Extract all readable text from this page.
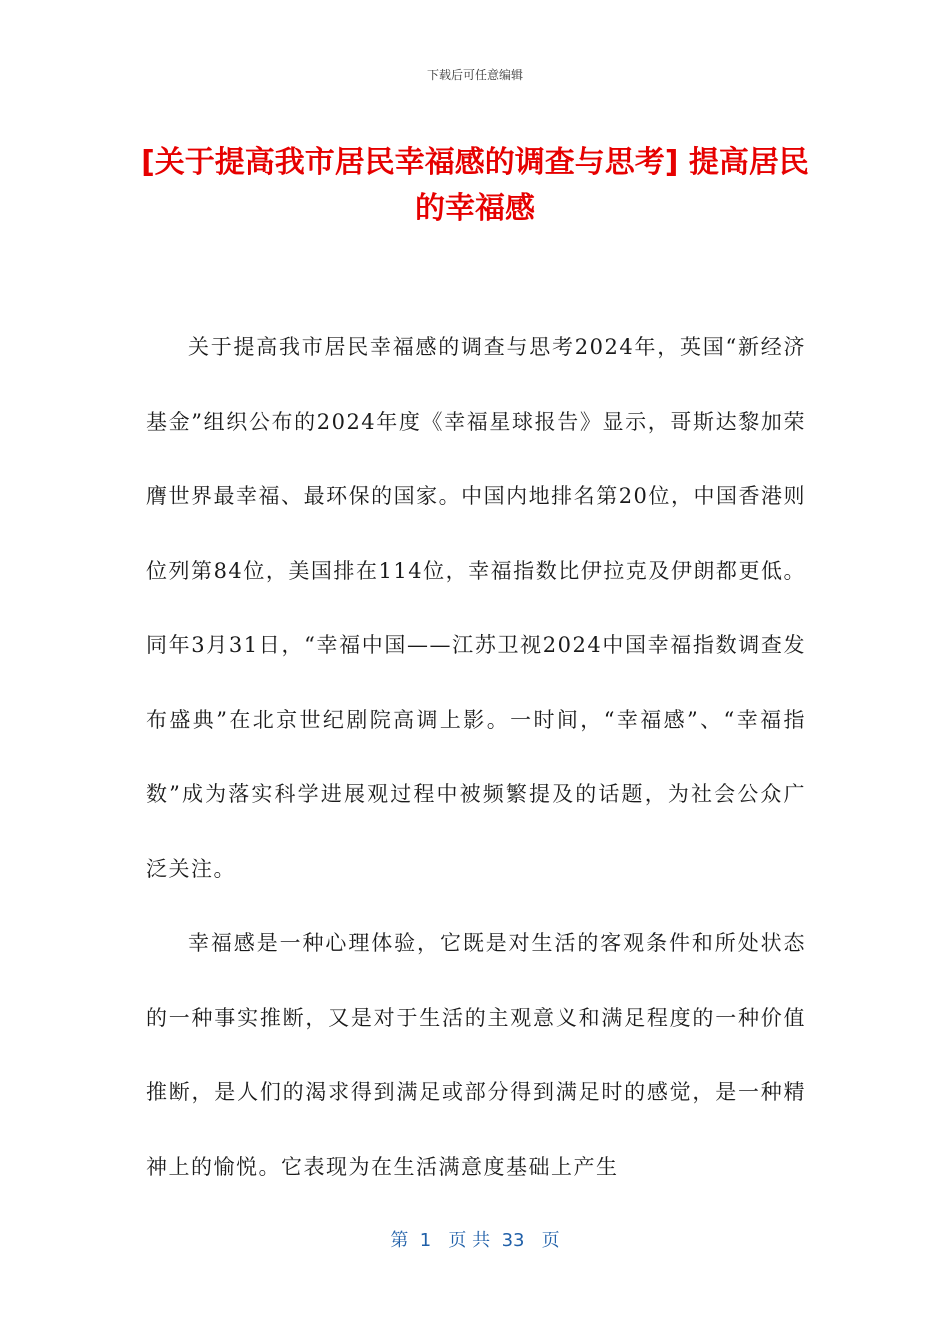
下载后可任意编辑
[关于提高我市居民幸福感的调查与思考] 提高居民的幸福感

关于提高我市居民幸福感的调查与思考2024年，英国“新经济基金”组织公布的2024年度《幸福星球报告》显示，哥斯达黎加荣膺世界最幸福、最环保的国家。中国内地排名第20位，中国香港则位列第84位，美国排在114位，幸福指数比伊拉克及伊朗都更低。同年3月31日，“幸福中国——江苏卫视2024中国幸福指数调查发布盛典”在北京世纪剧院高调上影。一时间，“幸福感”、“幸福指数”成为落实科学进展观过程中被频繁提及的话题，为社会公众广泛关注。

幸福感是一种心理体验，它既是对生活的客观条件和所处状态的一种事实推断，又是对于生活的主观意义和满足程度的一种价值推断，是人们的渴求得到满足或部分得到满足时的感觉，是一种精神上的愉悦。它表现为在生活满意度基础上产生

第  1   页 共  33   页
